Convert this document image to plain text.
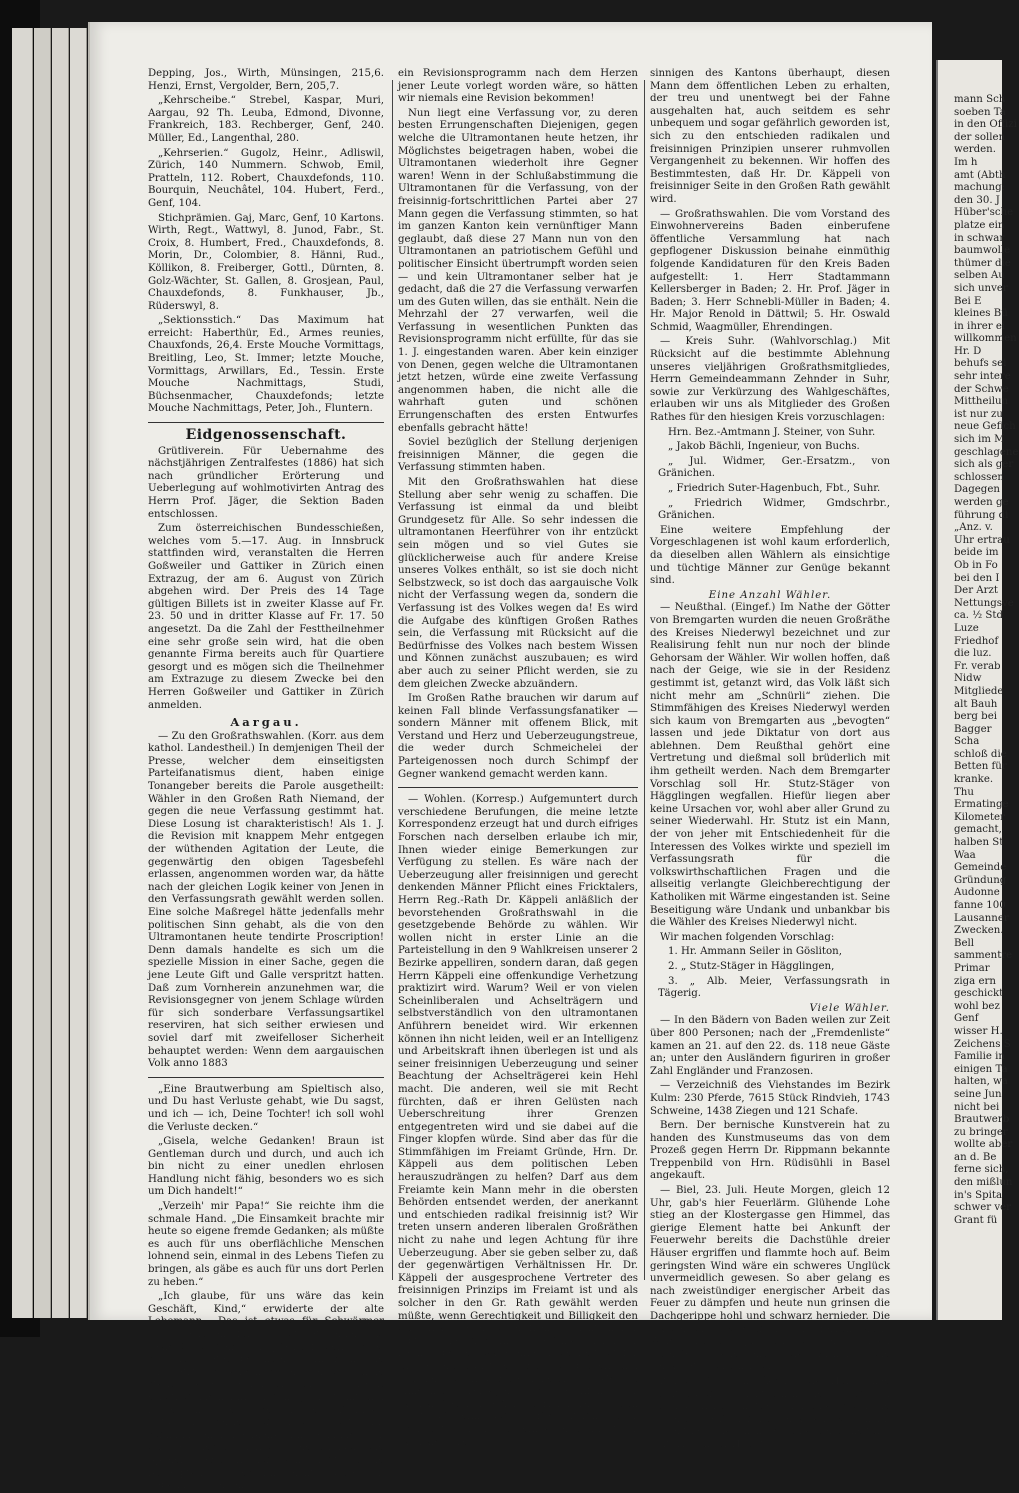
Depping, Jos., Wirth, Münsingen, 215,6. Henzi, Ernst, Vergolder, Bern, 205,7.

„Kehrscheibe.“ Strebel, Kaspar, Muri, Aargau, 92 Th. Leuba, Edmond, Divonne, Frankreich, 183. Rechberger, Genf, 240. Müller, Ed., Langenthal, 280.

„Kehrserien.“ Gugolz, Heinr., Adliswil, Zürich, 140 Nummern. Schwob, Emil, Pratteln, 112. Robert, Chauxdefonds, 110. Bourquin, Neuchâtel, 104. Hubert, Ferd., Genf, 104.

Stichprämien. Gaj, Marc, Genf, 10 Kartons. Wirth, Regt., Wattwyl, 8. Junod, Fabr., St. Croix, 8. Humbert, Fred., Chauxdefonds, 8. Morin, Dr., Colombier, 8. Hänni, Rud., Köllikon, 8. Freiberger, Gottl., Dürnten, 8. Golz-Wächter, St. Gallen, 8. Grosjean, Paul, Chauxdefonds, 8. Funkhauser, Jb., Rüderswyl, 8.

„Sektionsstich.“ Das Maximum hat erreicht: Haberthür, Ed., Armes reunies, Chauxfonds, 26,4. Erste Mouche Vormittags, Breitling, Leo, St. Immer; letzte Mouche, Vormittags, Arwillars, Ed., Tessin. Erste Mouche Nachmittags, Studi, Büchsenmacher, Chauxdefonds; letzte Mouche Nachmittags, Peter, Joh., Fluntern.

Eidgenossenschaft.

Grütliverein. Für Uebernahme des nächstjährigen Zentralfestes (1886) hat sich nach gründlicher Erörterung und Ueberlegung auf wohlmotivirten Antrag des Herrn Prof. Jäger, die Sektion Baden entschlossen.

Zum österreichischen Bundesschießen, welches vom 5.—17. Aug. in Innsbruck stattfinden wird, veranstalten die Herren Goßweiler und Gattiker in Zürich einen Extrazug, der am 6. August von Zürich abgehen wird. Der Preis des 14 Tage gültigen Billets ist in zweiter Klasse auf Fr. 23. 50 und in dritter Klasse auf Fr. 17. 50 angesetzt. Da die Zahl der Festtheilnehmer eine sehr große sein wird, hat die oben genannte Firma bereits auch für Quartiere gesorgt und es mögen sich die Theilnehmer am Extrazuge zu diesem Zwecke bei den Herren Goßweiler und Gattiker in Zürich anmelden.

Aargau.

— Zu den Großrathswahlen. (Korr. aus dem kathol. Landestheil.) In demjenigen Theil der Presse, welcher dem einseitigsten Parteifanatismus dient, haben einige Tonangeber bereits die Parole ausgetheilt: Wähler in den Großen Rath Niemand, der gegen die neue Verfassung gestimmt hat. Diese Losung ist charakteristisch! Als 1. J. die Revision mit knappem Mehr entgegen der wüthenden Agitation der Leute, die gegenwärtig den obigen Tagesbefehl erlassen, angenommen worden war, da hätte nach der gleichen Logik keiner von Jenen in den Verfassungsrath gewählt werden sollen. Eine solche Maßregel hätte jedenfalls mehr politischen Sinn gehabt, als die von den Ultramontanen heute tendirte Proscription! Denn damals handelte es sich um die spezielle Mission in einer Sache, gegen die jene Leute Gift und Galle verspritzt hatten. Daß zum Vornherein anzunehmen war, die Revisionsgegner von jenem Schlage würden für sich sonderbare Verfassungsartikel reserviren, hat sich seither erwiesen und soviel darf mit zweifelloser Sicherheit behauptet werden: Wenn dem aargauischen Volk anno 1883

„Eine Brautwerbung am Spieltisch also, und Du hast Verluste gehabt, wie Du sagst, und ich — ich, Deine Tochter! ich soll wohl die Verluste decken.“

„Gisela, welche Gedanken! Braun ist Gentleman durch und durch, und auch ich bin nicht zu einer unedlen ehrlosen Handlung nicht fähig, besonders wo es sich um Dich handelt!“

„Verzeih' mir Papa!“ Sie reichte ihm die schmale Hand. „Die Einsamkeit brachte mir heute so eigene fremde Gedanken; als müßte es auch für uns oberflächliche Menschen lohnend sein, einmal in des Lebens Tiefen zu bringen, als gäbe es auch für uns dort Perlen zu heben.“

„Ich glaube, für uns wäre das kein Geschäft, Kind,“ erwiderte der alte Lebemann. „Das ist etwas für Schwärmer und Idealisten, für uns ist rathsamer das reale Glück beim Schopfe zu fassen, wo es sich nur bietet, besonders wenn man, wie wir, jetzt, vor einem bodenlosen Abgrunde steht! Ueberlege Dir die Sache ja recht ernstlich mein Kind! Ich mag nicht mit und keine Illusionen, bei keinen Zwingen natürlich werde ich Dich nicht. Im schlimmsten Falle bleibt mir ja immer der Ausweg, dessen sich so viele unglückliche Spieler bedienen. Ich will nicht gerade behaupten, daß es mir leicht würde vom Leben zu scheiden.“

ein Revisionsprogramm nach dem Herzen jener Leute vorlegt worden wäre, so hätten wir niemals eine Revision bekommen!

Nun liegt eine Verfassung vor, zu deren besten Errungenschaften Diejenigen, gegen welche die Ultramontanen heute hetzen, ihr Möglichstes beigetragen haben, wobei die Ultramontanen wiederholt ihre Gegner waren! Wenn in der Schlußabstimmung die Ultramontanen für die Verfassung, von der freisinnig-fortschrittlichen Partei aber 27 Mann gegen die Verfassung stimmten, so hat im ganzen Kanton kein vernünftiger Mann geglaubt, daß diese 27 Mann nun von den Ultramontanen an patriotischem Gefühl und politischer Einsicht übertrumpft worden seien — und kein Ultramontaner selber hat je gedacht, daß die 27 die Verfassung verwarfen um des Guten willen, das sie enthält. Nein die Mehrzahl der 27 verwarfen, weil die Verfassung in wesentlichen Punkten das Revisionsprogramm nicht erfüllte, für das sie 1. J. eingestanden waren. Aber kein einziger von Denen, gegen welche die Ultramontanen jetzt hetzen, würde eine zweite Verfassung angenommen haben, die nicht alle die wahrhaft guten und schönen Errungenschaften des ersten Entwurfes ebenfalls gebracht hätte!

Soviel bezüglich der Stellung derjenigen freisinnigen Männer, die gegen die Verfassung stimmten haben.

Mit den Großrathswahlen hat diese Stellung aber sehr wenig zu schaffen. Die Verfassung ist einmal da und bleibt Grundgesetz für Alle. So sehr indessen die ultramontanen Heerführer von ihr entzückt sein mögen und so viel Gutes sie glücklicherweise auch für andere Kreise unseres Volkes enthält, so ist sie doch nicht Selbstzweck, so ist doch das aargauische Volk nicht der Verfassung wegen da, sondern die Verfassung ist des Volkes wegen da! Es wird die Aufgabe des künftigen Großen Rathes sein, die Verfassung mit Rücksicht auf die Bedürfnisse des Volkes nach bestem Wissen und Können zunächst auszubauen; es wird aber auch zu seiner Pflicht werden, sie zu dem gleichen Zwecke abzuändern.

Im Großen Rathe brauchen wir darum auf keinen Fall blinde Verfassungsfanatiker — sondern Männer mit offenem Blick, mit Verstand und Herz und Ueberzeugungstreue, die weder durch Schmeichelei der Parteigenossen noch durch Schimpf der Gegner wankend gemacht werden kann.

— Wohlen. (Korresp.) Aufgemuntert durch verschiedene Berufungen, die meine letzte Korrespondenz erzeugt hat und durch eifriges Forschen nach derselben erlaube ich mir, Ihnen wieder einige Bemerkungen zur Verfügung zu stellen. Es wäre nach der Ueberzeugung aller freisinnigen und gerecht denkenden Männer Pflicht eines Fricktalers, Herrn Reg.-Rath Dr. Käppeli anläßlich der bevorstehenden Großrathswahl in die gesetzgebende Behörde zu wählen. Wir wollen nicht in erster Linie an die Parteistellung in den 9 Wahlkreisen unserer 2 Bezirke appelliren, sondern daran, daß gegen Herrn Käppeli eine offenkundige Verhetzung praktizirt wird. Warum? Weil er von vielen Scheinliberalen und Achselträgern und selbstverständlich von den ultramontanen Anführern beneidet wird. Wir erkennen können ihn nicht leiden, weil er an Intelligenz und Arbeitskraft ihnen überlegen ist und als seiner freisinnigen Ueberzeugung und seiner Beachtung der Achselträgerei kein Hehl macht. Die anderen, weil sie mit Recht fürchten, daß er ihren Gelüsten nach Ueberschreitung ihrer Grenzen entgegentreten wird und sie dabei auf die Finger klopfen würde. Sind aber das für die Stimmfähigen im Freiamt Gründe, Hrn. Dr. Käppeli aus dem politischen Leben herauszudrängen zu helfen? Darf aus dem Freiamte kein Mann mehr in die obersten Behörden entsendet werden, der anerkannt und entschieden radikal freisinnig ist? Wir treten unsern anderen liberalen Großräthen nicht zu nahe und legen Achtung für ihre Ueberzeugung. Aber sie geben selber zu, daß der gegenwärtigen Verhältnissen Hr. Dr. Käppeli der ausgesprochene Vertreter des freisinnigen Prinzips im Freiamt ist und als solcher in den Gr. Rath gewählt werden müßte, wenn Gerechtigkeit und Billigkeit den Ausschlag gäben. Aber freilich nicht immer gibt das den Ausschlag. Sie fühlen sich zwar kaum, aber es wäre eine große Zeit ist für Charaktere günstiger, die sich biegen und drücken lassen und geschmeidig alle Gestalt annehmen. Dagegen gibt jedenfalls der radikal freisinnige Aargau Herrn Dr. Käppeli nicht auf, wenn auch das Freiamt ihn wieder übergeht. Es ist nicht weniger eine Pflicht der radikalen Frei-

sinnigen des Kantons überhaupt, diesen Mann dem öffentlichen Leben zu erhalten, der treu und unentwegt bei der Fahne ausgehalten hat, auch seitdem es sehr unbequem und sogar gefährlich geworden ist, sich zu den entschieden radikalen und freisinnigen Prinzipien unserer ruhmvollen Vergangenheit zu bekennen. Wir hoffen des Bestimmtesten, daß Hr. Dr. Käppeli von freisinniger Seite in den Großen Rath gewählt wird.

— Großrathswahlen. Die vom Vorstand des Einwohnervereins Baden einberufene öffentliche Versammlung hat nach gepflogener Diskussion beinahe einmüthig folgende Kandidaturen für den Kreis Baden aufgestellt: 1. Herr Stadtammann Kellersberger in Baden; 2. Hr. Prof. Jäger in Baden; 3. Herr Schnebli-Müller in Baden; 4. Hr. Major Renold in Dättwil; 5. Hr. Oswald Schmid, Waagmüller, Ehrendingen.

— Kreis Suhr. (Wahlvorschlag.) Mit Rücksicht auf die bestimmte Ablehnung unseres vieljährigen Großrathsmitgliedes, Herrn Gemeindeammann Zehnder in Suhr, sowie zur Verkürzung des Wahlgeschäftes, erlauben wir uns als Mitglieder des Großen Rathes für den hiesigen Kreis vorzuschlagen:

Hrn. Bez.-Amtmann J. Steiner, von Suhr.

„ Jakob Bächli, Ingenieur, von Buchs.

„ Jul. Widmer, Ger.-Ersatzm., von Gränichen.

„ Friedrich Suter-Hagenbuch, Fbt., Suhr.

„ Friedrich Widmer, Gmdschrbr., Gränichen.

Eine weitere Empfehlung der Vorgeschlagenen ist wohl kaum erforderlich, da dieselben allen Wählern als einsichtige und tüchtige Männer zur Genüge bekannt sind.

Eine Anzahl Wähler.

— Neußthal. (Eingef.) Im Nathe der Götter von Bremgarten wurden die neuen Großräthe des Kreises Niederwyl bezeichnet und zur Realisirung fehlt nun nur noch der blinde Gehorsam der Wähler. Wir wollen hoffen, daß nach der Geige, wie sie in der Residenz gestimmt ist, getanzt wird, das Volk läßt sich nicht mehr am „Schnürli“ ziehen. Die Stimmfähigen des Kreises Niederwyl werden sich kaum von Bremgarten aus „bevogten“ lassen und jede Diktatur von dort aus ablehnen. Dem Reußthal gehört eine Vertretung und dießmal soll brüderlich mit ihm getheilt werden. Nach dem Bremgarter Vorschlag soll Hr. Stutz-Stäger von Hägglingen wegfallen. Hiefür liegen aber keine Ursachen vor, wohl aber aller Grund zu seiner Wiederwahl. Hr. Stutz ist ein Mann, der von jeher mit Entschiedenheit für die Interessen des Volkes wirkte und speziell im Verfassungsrath für die volkswirthschaftlichen Fragen und die allseitig verlangte Gleichberechtigung der Katholiken mit Wärme eingestanden ist. Seine Beseitigung wäre Undank und unbankbar bis die Wähler des Kreises Niederwyl nicht.

Wir machen folgenden Vorschlag:

1. Hr. Ammann Seiler in Gösliton,

2. „ Stutz-Stäger in Hägglingen,

3. „ Alb. Meier, Verfassungsrath in Tägerig.

Viele Wähler.

— In den Bädern von Baden weilen zur Zeit über 800 Personen; nach der „Fremdenliste“ kamen an 21. auf den 22. ds. 118 neue Gäste an; unter den Ausländern figuriren in großer Zahl Engländer und Franzosen.

— Verzeichniß des Viehstandes im Bezirk Kulm: 230 Pferde, 7615 Stück Rindvieh, 1743 Schweine, 1438 Ziegen und 121 Schafe.

Bern. Der bernische Kunstverein hat zu handen des Kunstmuseums das von dem Prozeß gegen Herrn Dr. Rippmann bekannte Treppenbild von Hrn. Rüdisühli in Basel angekauft.

— Biel, 23. Juli. Heute Morgen, gleich 12 Uhr, gab's hier Feuerlärm. Glühende Lohe stieg an der Klostergasse gen Himmel, das gierige Element hatte bei Ankunft der Feuerwehr bereits die Dachstühle dreier Häuser ergriffen und flammte hoch auf. Beim geringsten Wind wäre ein schweres Unglück unvermeidlich gewesen. So aber gelang es nach zweistündiger energischer Arbeit das Feuer zu dämpfen und heute nun grinsen die Dachgerippe hohl und schwarz hernieder. Die Häuser sind Eigenthum der Herren Merz, Wyler und Bourquin und ist der Schaden jedenfalls bedeutend. Die Brandursache verlautet noch gar nicht.

Zürich, 23. Juli. (Korr.) Die Heilsarmee denkt durchaus nicht daran, den Staub von den Füßen zu schütteln und eine so schöne Gegend wie Zürich zu verlassen. Es soll im Gegentheil, wie wir hören eine Centralleitung in Zürich unter Haupt-

mann Sch
soeben Ta
in den Offizi
der sollen
werden.
Im h
amt (Abth
machung:
den 30. J
Hüber'sche
platze ein
in schwar
baumwolle
thümer die
selben Au
sich unver
Bei E
kleines Bü
in ihrer ei
willkommen
Hr. D
behufs sei
sehr intere
der Schwe
Mittheilun
ist nur zu
neue Gefich
sich im M
geschlagene
sich als ger
schlossen
Dagegen
werden ge
führung di
„Anz. v.
Uhr ertrau
beide im
Ob in Fo
bei den I
Der Arzt
Nettungsve
ca. ½ Std
Luze
Friedhof
die luz.
Fr. verab
Nidw
Mitgliede
alt Bauh
berg bei
Bagger
Scha
schloß die
Betten für
kranke.
Thu
Ermatinge
Kilometer
gemacht,
halben St
Waa
Gemeinde
Gründung
Audonne
fanne 100
Lausanner
Zwecken.
Bell
sammentre
Primar
ziga ern
geschickt
wohl bez
Genf
wisser H.
Zeichens S
Familie in
einigen Ta
halten, wa
seine Jun
nicht bei
Brautwerb
zu bringer
wollte aber
an d. Be
ferne sich,
den mißlun
in's Spita
schwer ver
Grant fü
